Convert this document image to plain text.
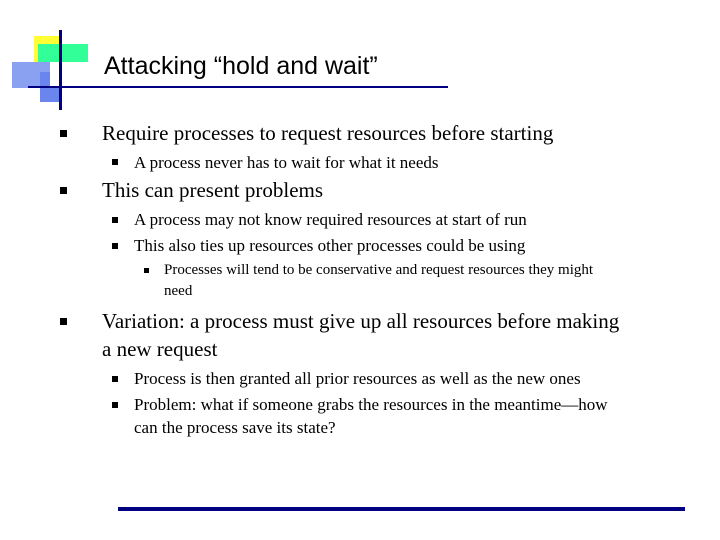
Attacking “hold and wait”
Require processes to request resources before starting
A process never has to wait for what it needs
This can present problems
A process may not know required resources at start of run
This also ties up resources other processes could be using
Processes will tend to be conservative and request resources they might
need
Variation: a process must give up all resources before making
a new request
Process is then granted all prior resources as well as the new ones
Problem: what if someone grabs the resources in the meantime—how
can the process save its state?
